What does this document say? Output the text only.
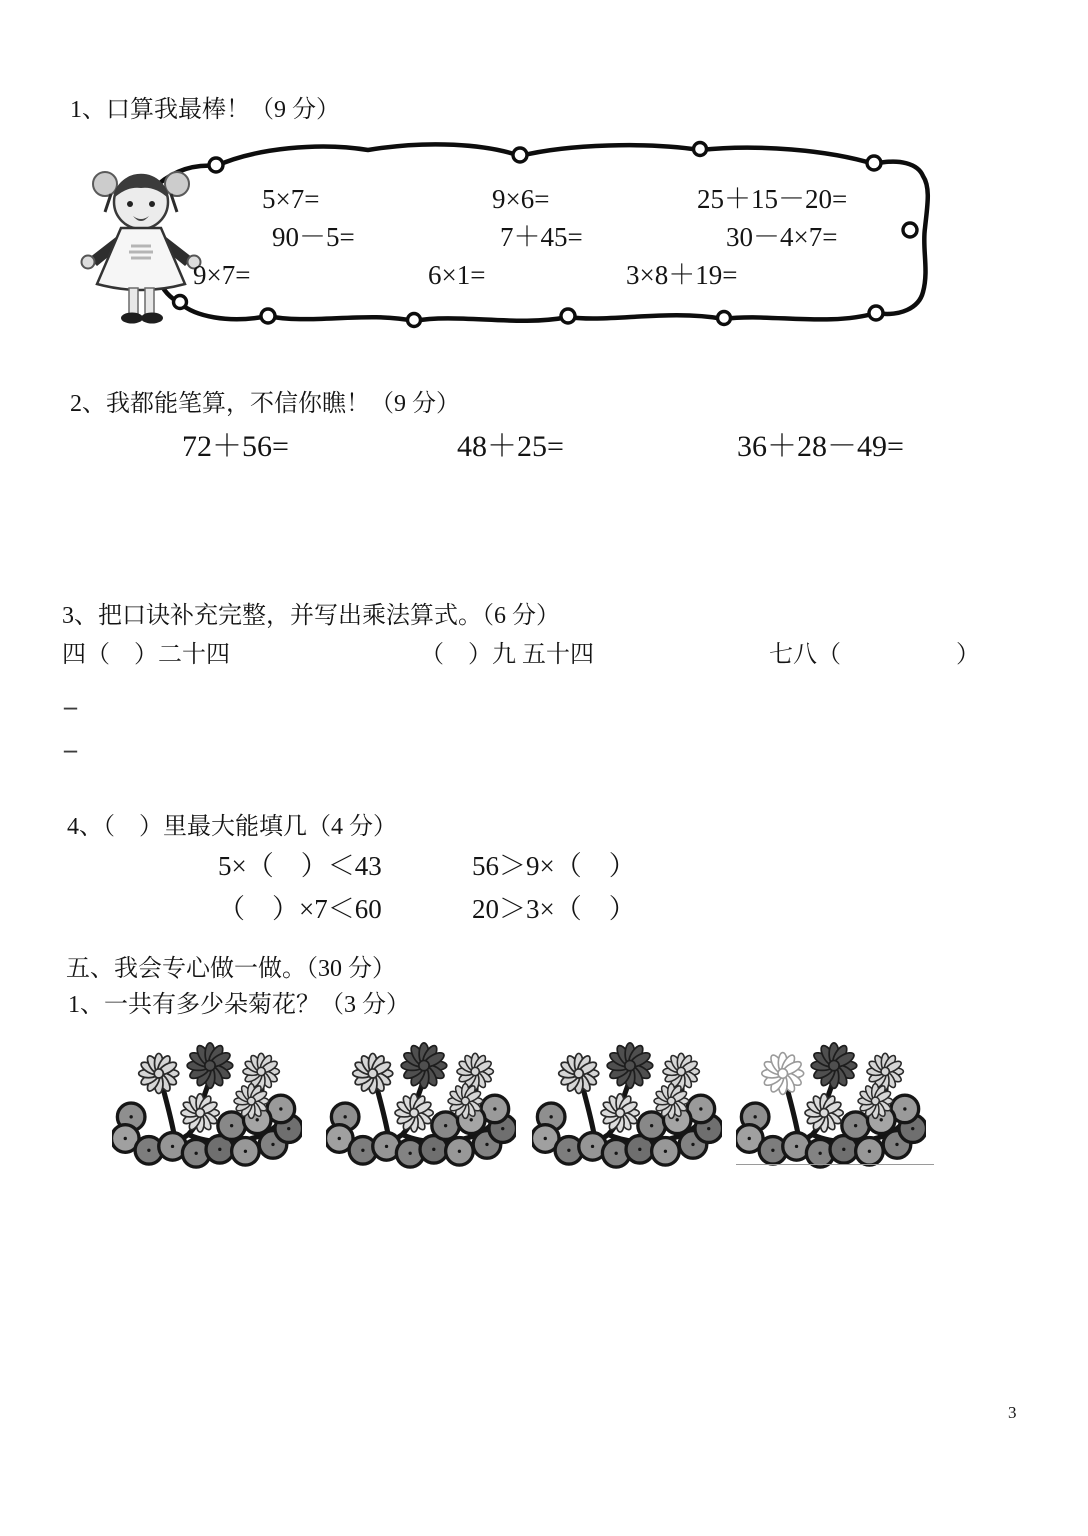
1、口算我最棒！（9 分）
5×7=	9×6=	25＋15－20=
90－5=	7＋45=	30－4×7=
9×7=	6×1=	3×8＋19=
2、我都能笔算，不信你瞧！（9 分）
72＋56=	48＋25=	36＋28－49=
3、把口诀补充完整，并写出乘法算式。（6 分）
四（　）二十四	（　）九 五十四	七八（	）
–
–
4、（　）里最大能填几（4 分）
5×（　）＜43	56＞9×（　）
（　）×7＜60	20＞3×（　）
五、我会专心做一做。（30 分）
1、一共有多少朵菊花？（3 分）
3
